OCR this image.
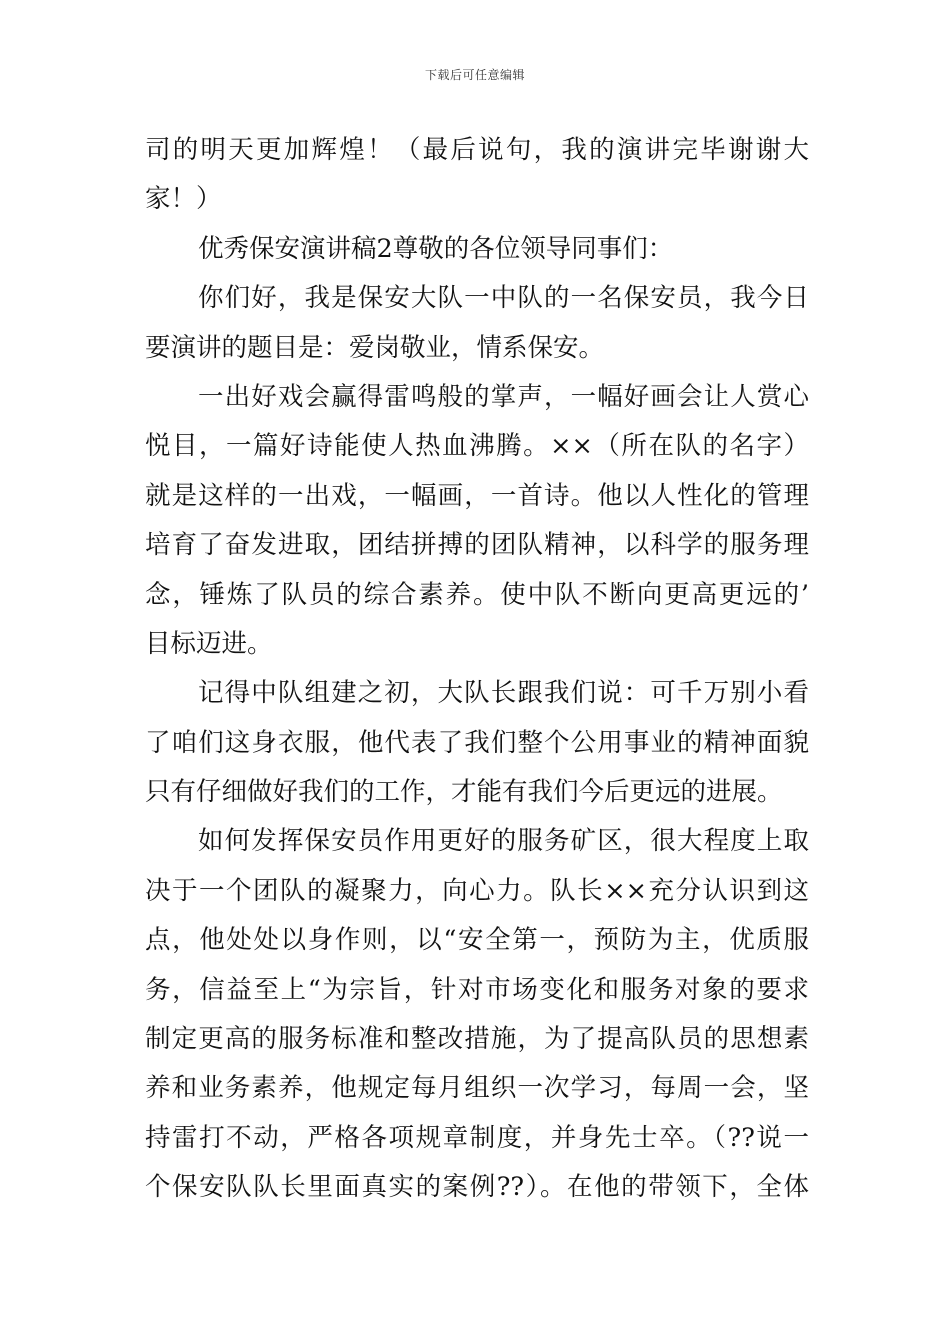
下载后可任意编辑
司的明天更加辉煌！（最后说句，我的演讲完毕谢谢大
家！）
优秀保安演讲稿2尊敬的各位领导同事们：
你们好，我是保安大队一中队的一名保安员，我今日
要演讲的题目是：爱岗敬业，情系保安。
一出好戏会赢得雷鸣般的掌声，一幅好画会让人赏心
悦目，一篇好诗能使人热血沸腾。××（所在队的名字）
就是这样的一出戏，一幅画，一首诗。他以人性化的管理
培育了奋发进取，团结拼搏的团队精神，以科学的服务理
念，锤炼了队员的综合素养。使中队不断向更高更远的’
目标迈进。
记得中队组建之初，大队长跟我们说：可千万别小看
了咱们这身衣服，他代表了我们整个公用事业的精神面貌
只有仔细做好我们的工作，才能有我们今后更远的进展。
如何发挥保安员作用更好的服务矿区，很大程度上取
决于一个团队的凝聚力，向心力。队长××充分认识到这
点，他处处以身作则，以“安全第一，预防为主，优质服
务，信益至上“为宗旨，针对市场变化和服务对象的要求
制定更高的服务标准和整改措施，为了提高队员的思想素
养和业务素养，他规定每月组织一次学习，每周一会，坚
持雷打不动，严格各项规章制度，并身先士卒。（??说一
个保安队队长里面真实的案例??）。在他的带领下，全体
